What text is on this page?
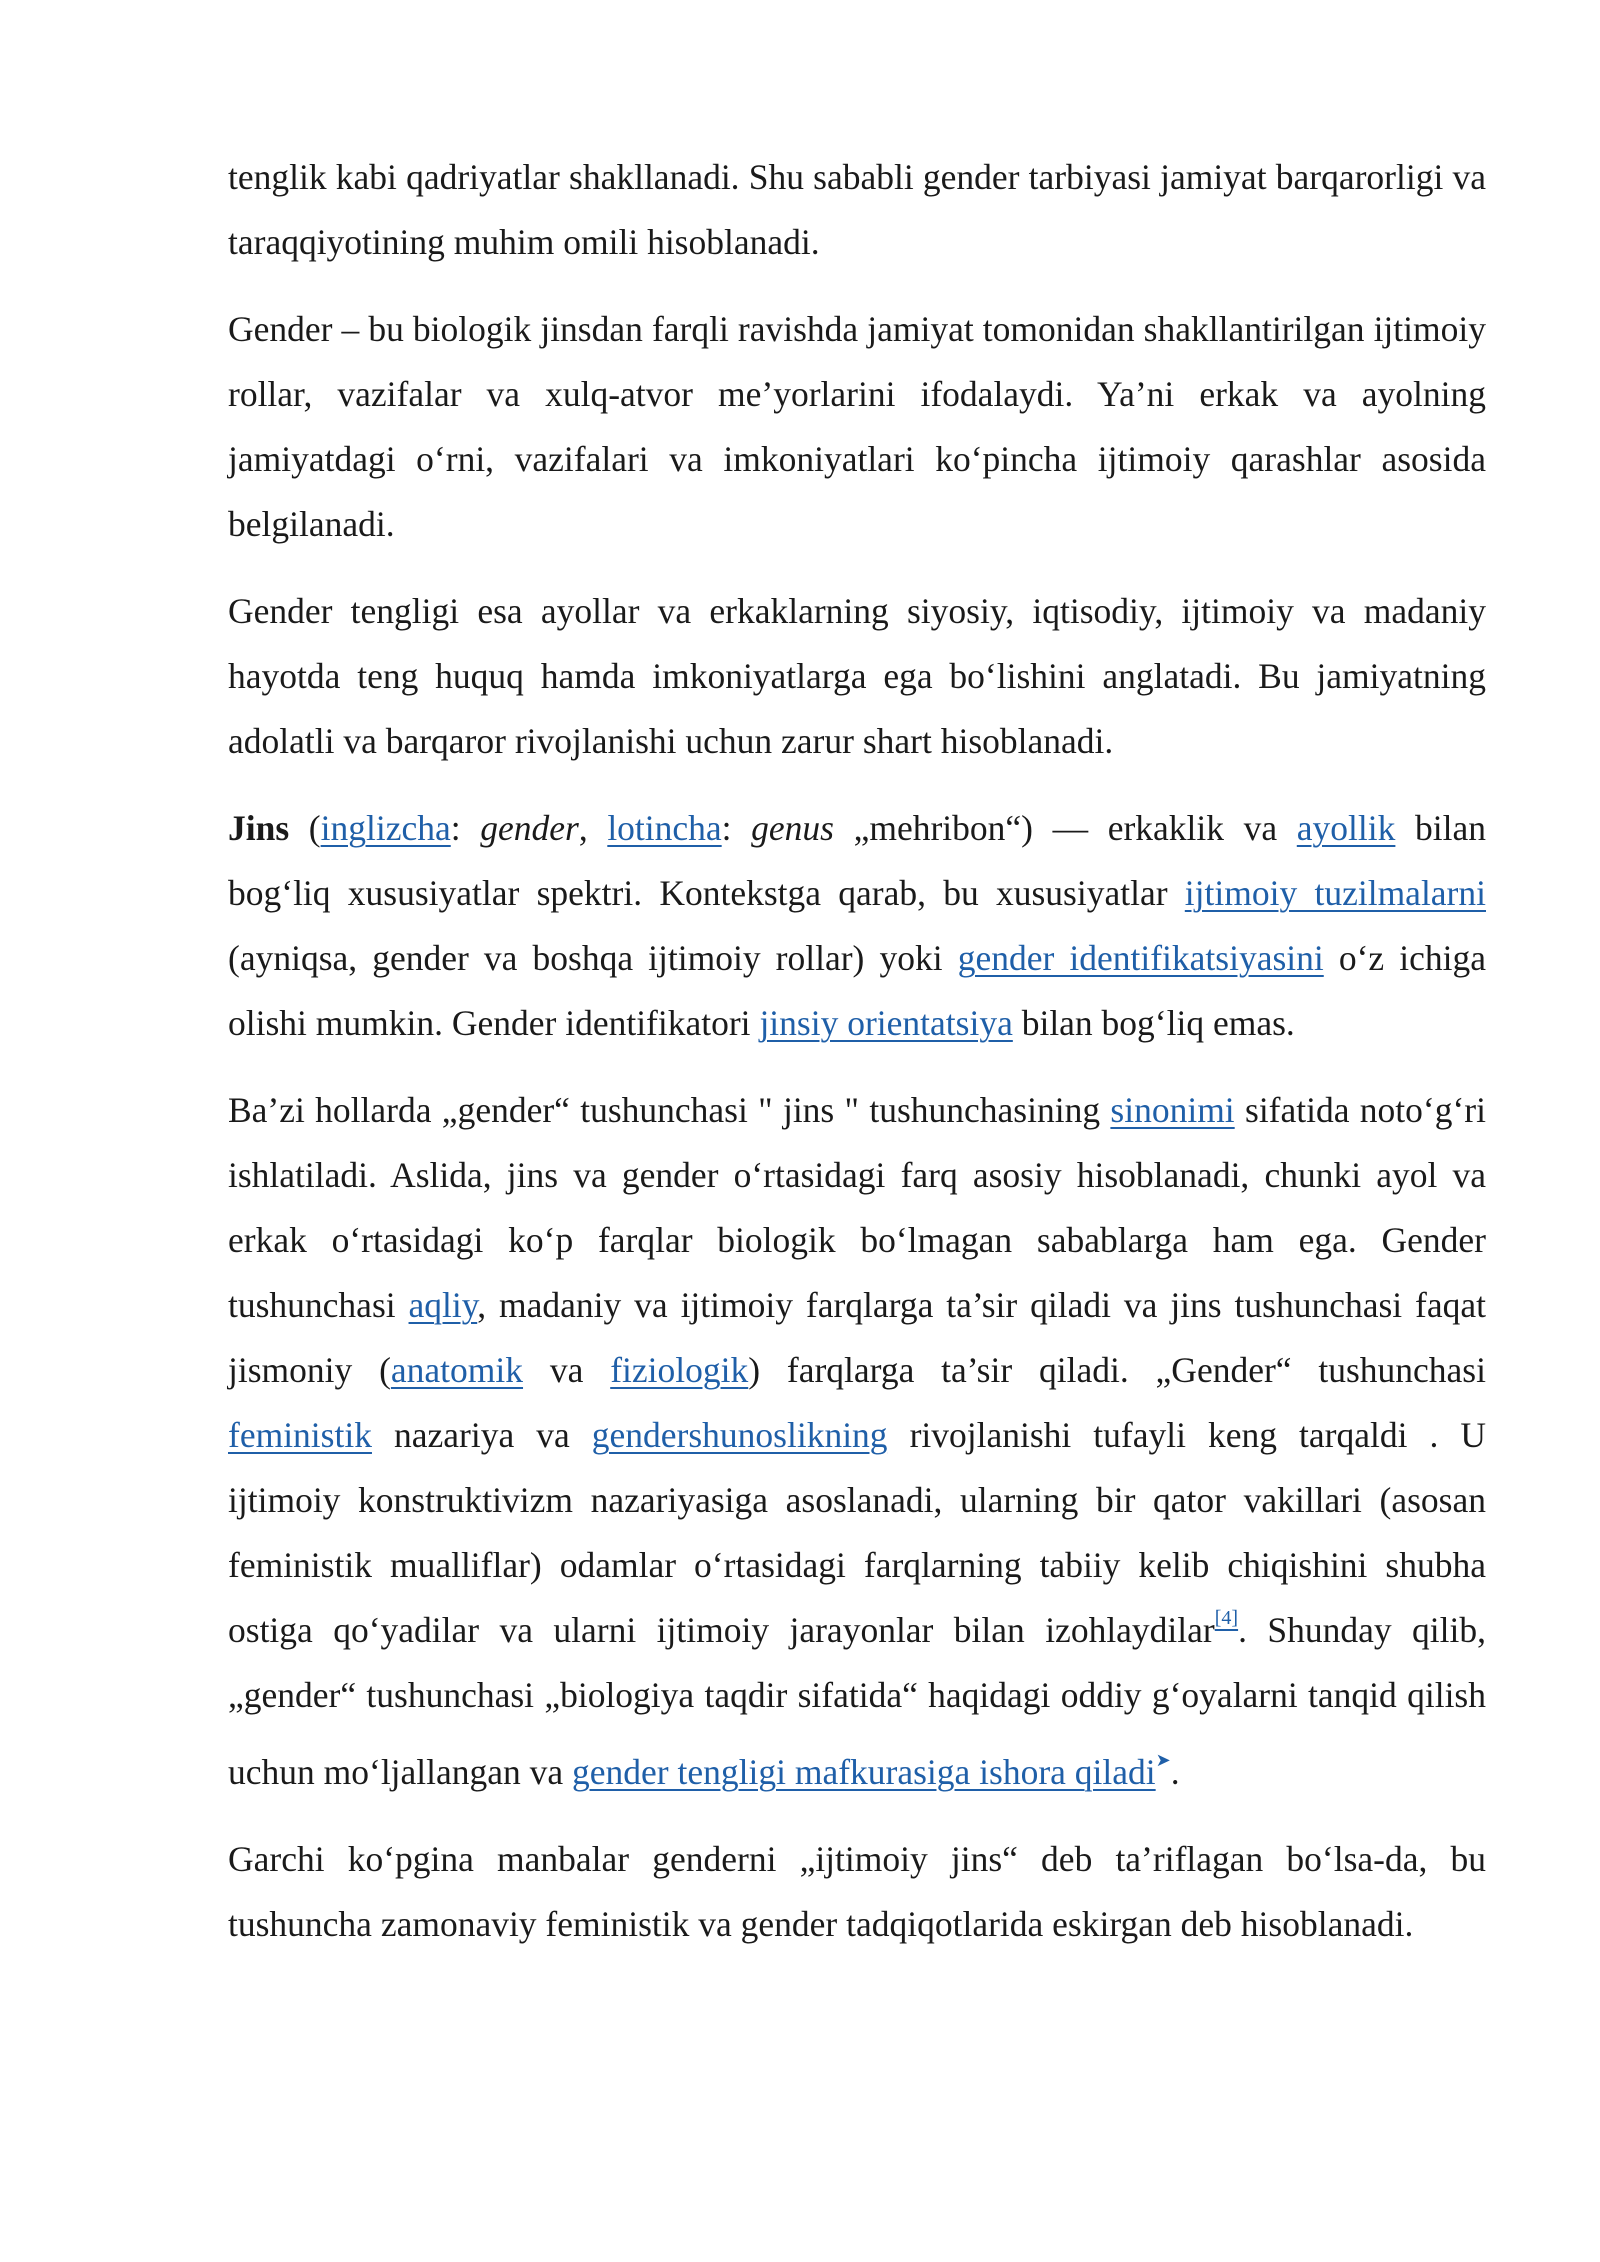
tenglik kabi qadriyatlar shakllanadi. Shu sababli gender tarbiyasi jamiyat barqarorligi va taraqqiyotining muhim omili hisoblanadi.

Gender – bu biologik jinsdan farqli ravishda jamiyat tomonidan shakllantirilgan ijtimoiy rollar, vazifalar va xulq-atvor me’yorlarini ifodalaydi. Ya’ni erkak va ayolning jamiyatdagi o‘rni, vazifalari va imkoniyatlari ko‘pincha ijtimoiy qarashlar asosida belgilanadi.

Gender tengligi esa ayollar va erkaklarning siyosiy, iqtisodiy, ijtimoiy va madaniy hayotda teng huquq hamda imkoniyatlarga ega bo‘lishini anglatadi. Bu jamiyatning adolatli va barqaror rivojlanishi uchun zarur shart hisoblanadi.

Jins (inglizcha: gender, lotincha: genus „mehribon“) — erkaklik va ayollik bilan bog‘liq xususiyatlar spektri. Kontekstga qarab, bu xususiyatlar ijtimoiy tuzilmalarni (ayniqsa, gender va boshqa ijtimoiy rollar) yoki gender identifikatsiyasini o‘z ichiga olishi mumkin. Gender identifikatori jinsiy orientatsiya bilan bog‘liq emas.

Ba’zi hollarda „gender“ tushunchasi " jins " tushunchasining sinonimi sifatida noto‘g‘ri ishlatiladi. Aslida, jins va gender o‘rtasidagi farq asosiy hisoblanadi, chunki ayol va erkak o‘rtasidagi ko‘p farqlar biologik bo‘lmagan sabablarga ham ega. Gender tushunchasi aqliy, madaniy va ijtimoiy farqlarga ta’sir qiladi va jins tushunchasi faqat jismoniy (anatomik va fiziologik) farqlarga ta’sir qiladi. „Gender“ tushunchasi feministik nazariya va gendershunoslikning rivojlanishi tufayli keng tarqaldi . U ijtimoiy konstruktivizm nazariyasiga asoslanadi, ularning bir qator vakillari (asosan feministik mualliflar) odamlar o‘rtasidagi farqlarning tabiiy kelib chiqishini shubha ostiga qo‘yadilar va ularni ijtimoiy jarayonlar bilan izohlaydilar[4]. Shunday qilib, „gender“ tushunchasi „biologiya taqdir sifatida“ haqidagi oddiy g‘oyalarni tanqid qilish uchun mo‘ljallangan va gender tengligi mafkurasiga ishora qiladi➤.

Garchi ko‘pgina manbalar genderni „ijtimoiy jins“ deb ta’riflagan bo‘lsa-da, bu tushuncha zamonaviy feministik va gender tadqiqotlarida eskirgan deb hisoblanadi.
